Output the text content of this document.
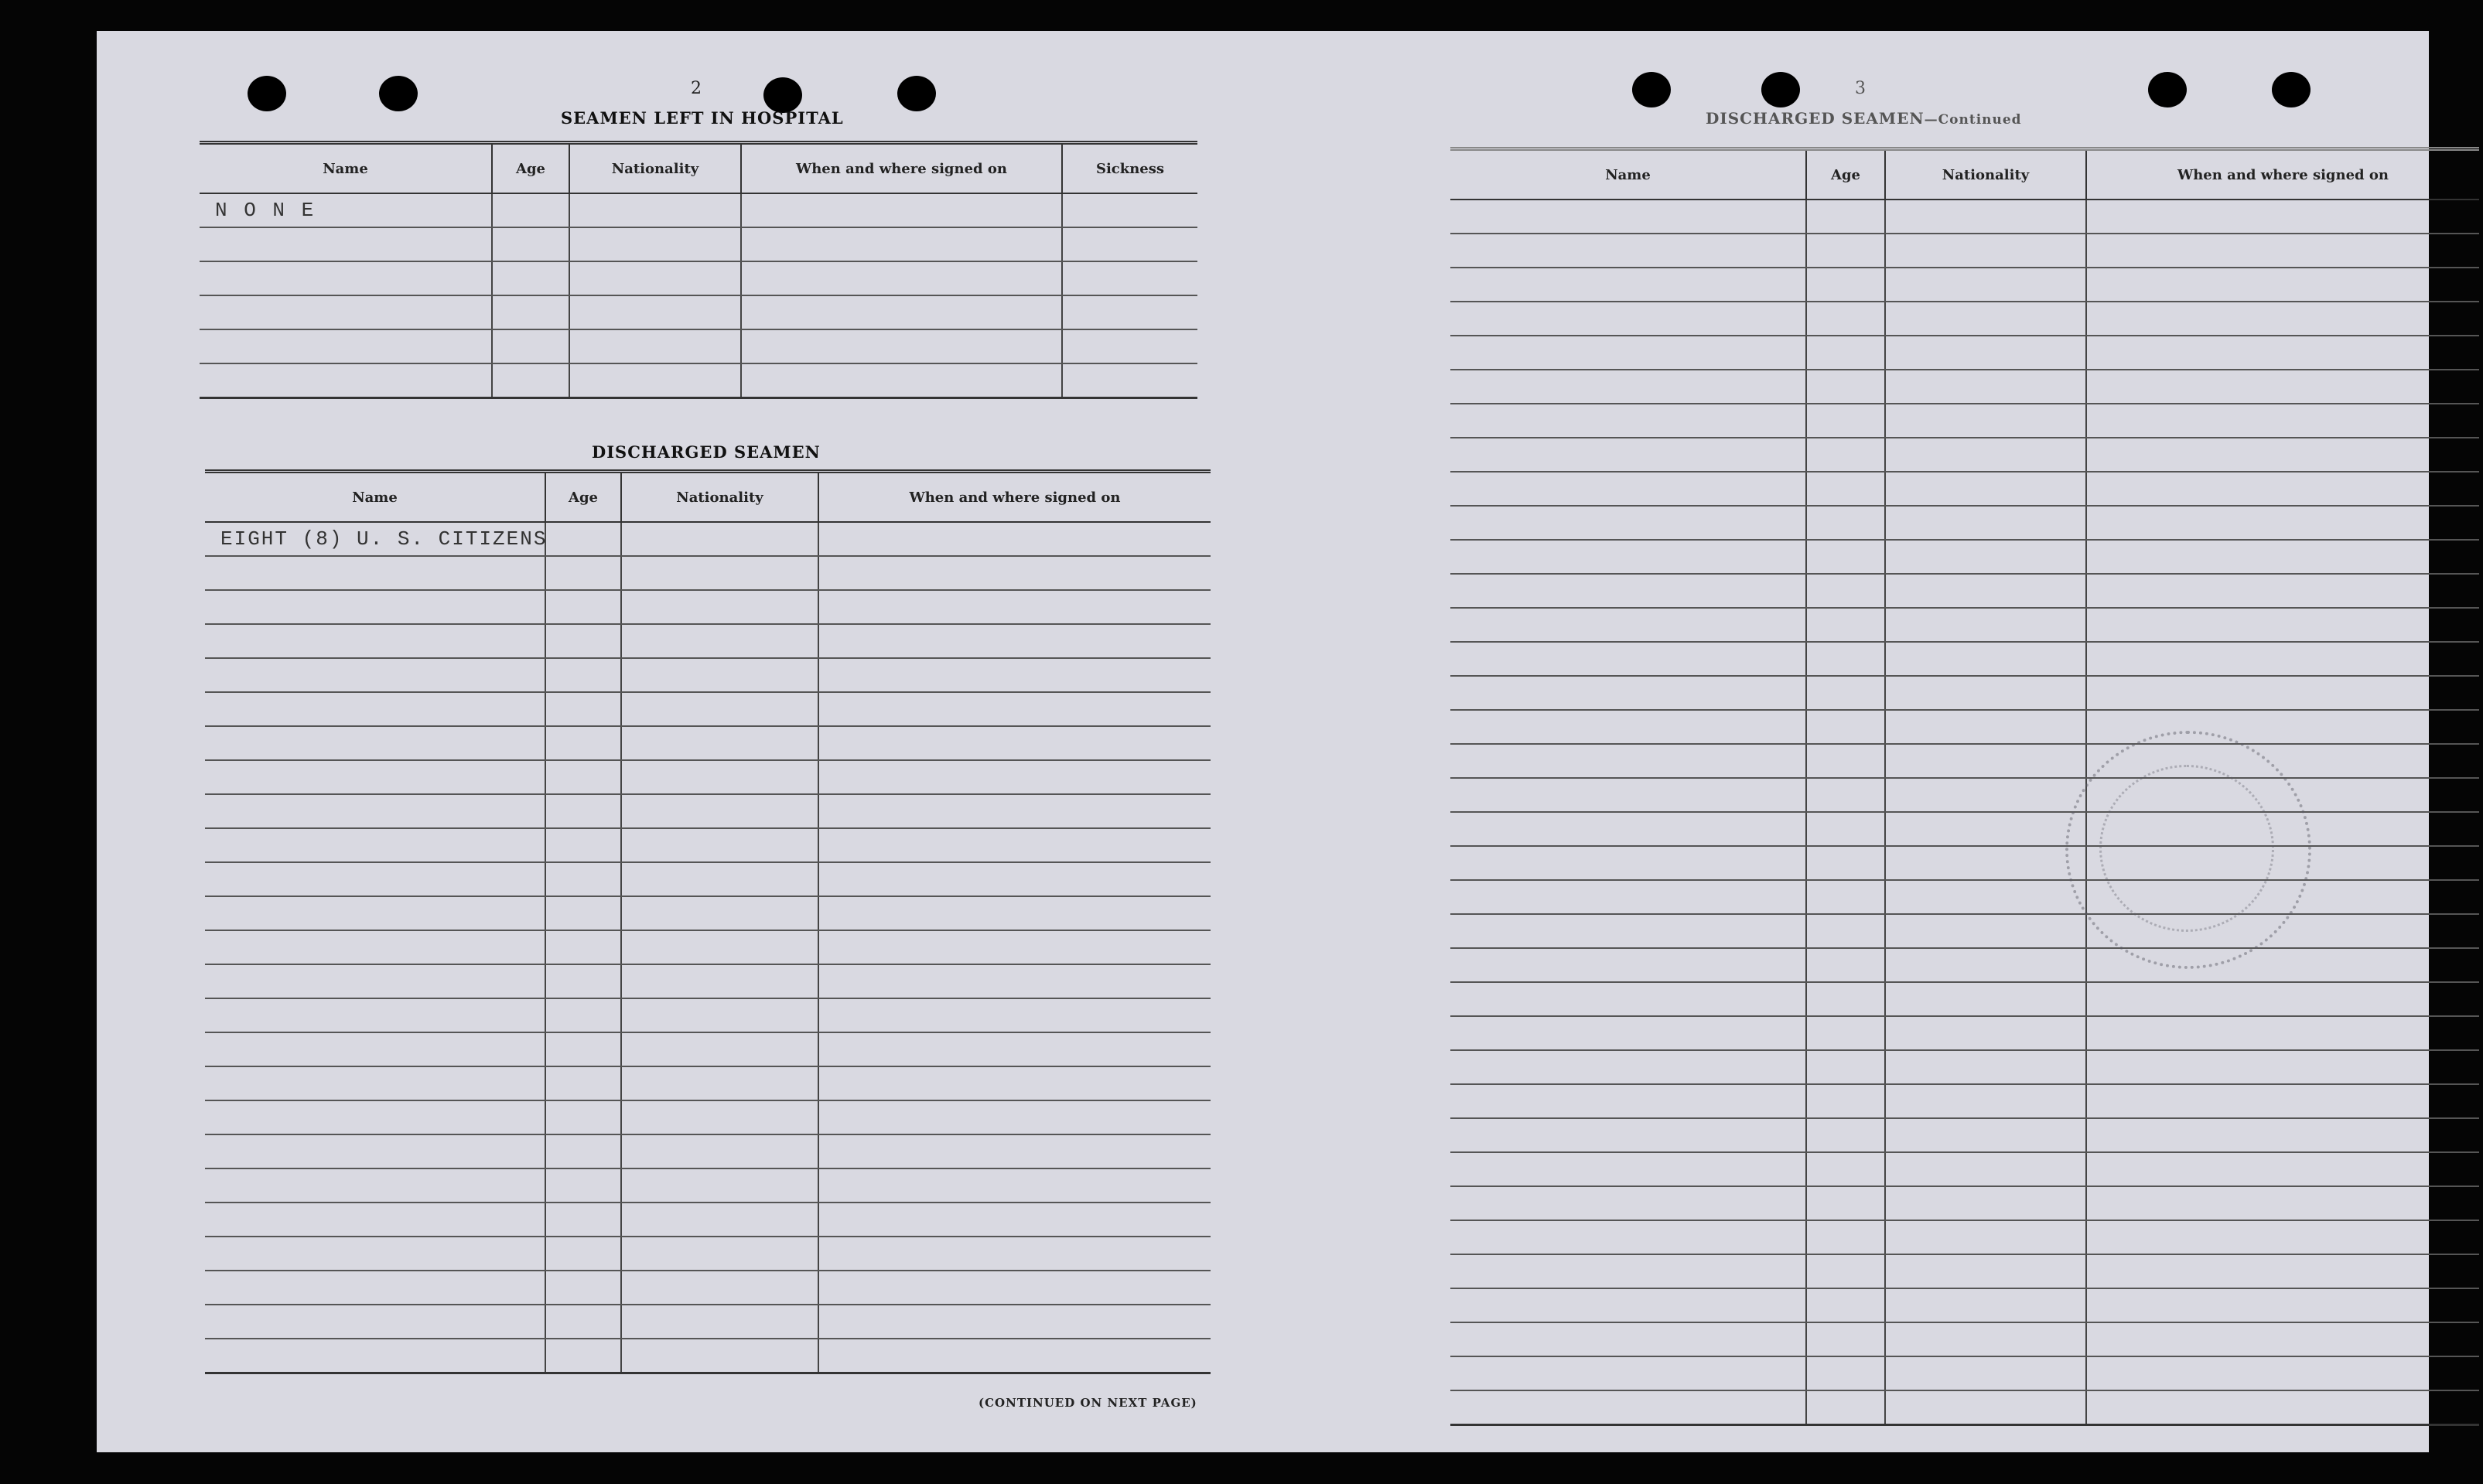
2
SEAMEN LEFT IN HOSPITAL
Name	Age	Nationality	When and where signed on	Sickness
N O N E				

DISCHARGED SEAMEN
Name	Age	Nationality	When and where signed on
EIGHT (8) U. S. CITIZENS			

(CONTINUED ON NEXT PAGE)
3
DISCHARGED SEAMEN—Continued
Name	Age	Nationality	When and where signed on
